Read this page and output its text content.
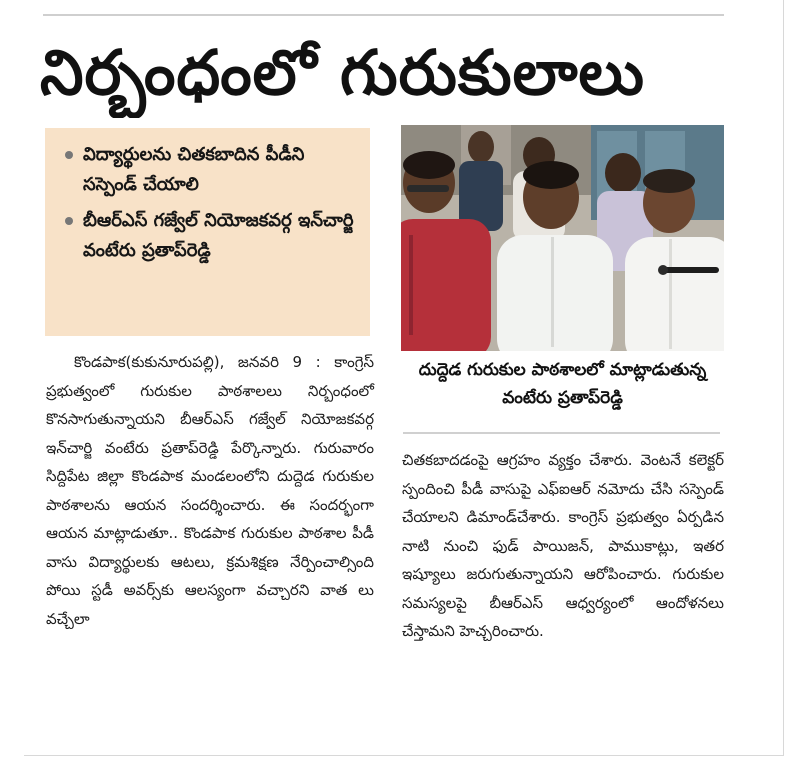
నిర్బంధంలో గురుకులాలు
విద్యార్థులను చితకబాదిన పీడీని సస్పెండ్ చేయాలి
బీఆర్ఎస్ గజ్వేల్ నియోజకవర్గ ఇన్‌చార్జి వంటేరు ప్రతాప్‌రెడ్డి
దుద్దెడ గురుకుల పాఠశాలలో మాట్లాడుతున్న వంటేరు ప్రతాప్‌రెడ్డి
కొండపాక(కుకునూరుపల్లి), జనవరి 9 : కాంగ్రెస్ ప్రభుత్వంలో గురుకుల పాఠశాలలు నిర్బంధంలో కొనసాగుతున్నాయని బీఆర్ఎస్ గజ్వేల్ నియోజకవర్గ ఇన్‌చార్జి వంటేరు ప్రతాప్‌రెడ్డి పేర్కొన్నారు. గురువారం సిద్దిపేట జిల్లా కొండపాక మండలంలోని దుద్దెడ గురుకుల పాఠశాలను ఆయన సందర్శించారు. ఈ సందర్భంగా ఆయన మాట్లాడుతూ.. కొండపాక గురుకుల పాఠశాల పీడీ వాసు విద్యార్థులకు ఆటలు, క్రమశిక్షణ నేర్పించాల్సింది పోయి స్టడీ అవర్స్‌కు ఆలస్యంగా వచ్చారని వాత లు వచ్చేలా
చితకబాదడంపై ఆగ్రహం వ్యక్తం చేశారు. వెంటనే కలెక్టర్ స్పందించి పీడీ వాసుపై ఎఫ్ఐఆర్ నమోదు చేసి సస్పెండ్ చేయాలని డిమాండ్‌చేశారు. కాంగ్రెస్ ప్రభుత్వం ఏర్పడిన నాటి నుంచి ఫుడ్ పాయిజన్, పాముకాట్లు, ఇతర ఇష్యూలు జరుగుతున్నాయని ఆరోపించారు. గురుకుల సమస్యలపై బీఆర్ఎస్ ఆధ్వర్యంలో ఆందోళనలు చేస్తామని హెచ్చరించారు.
